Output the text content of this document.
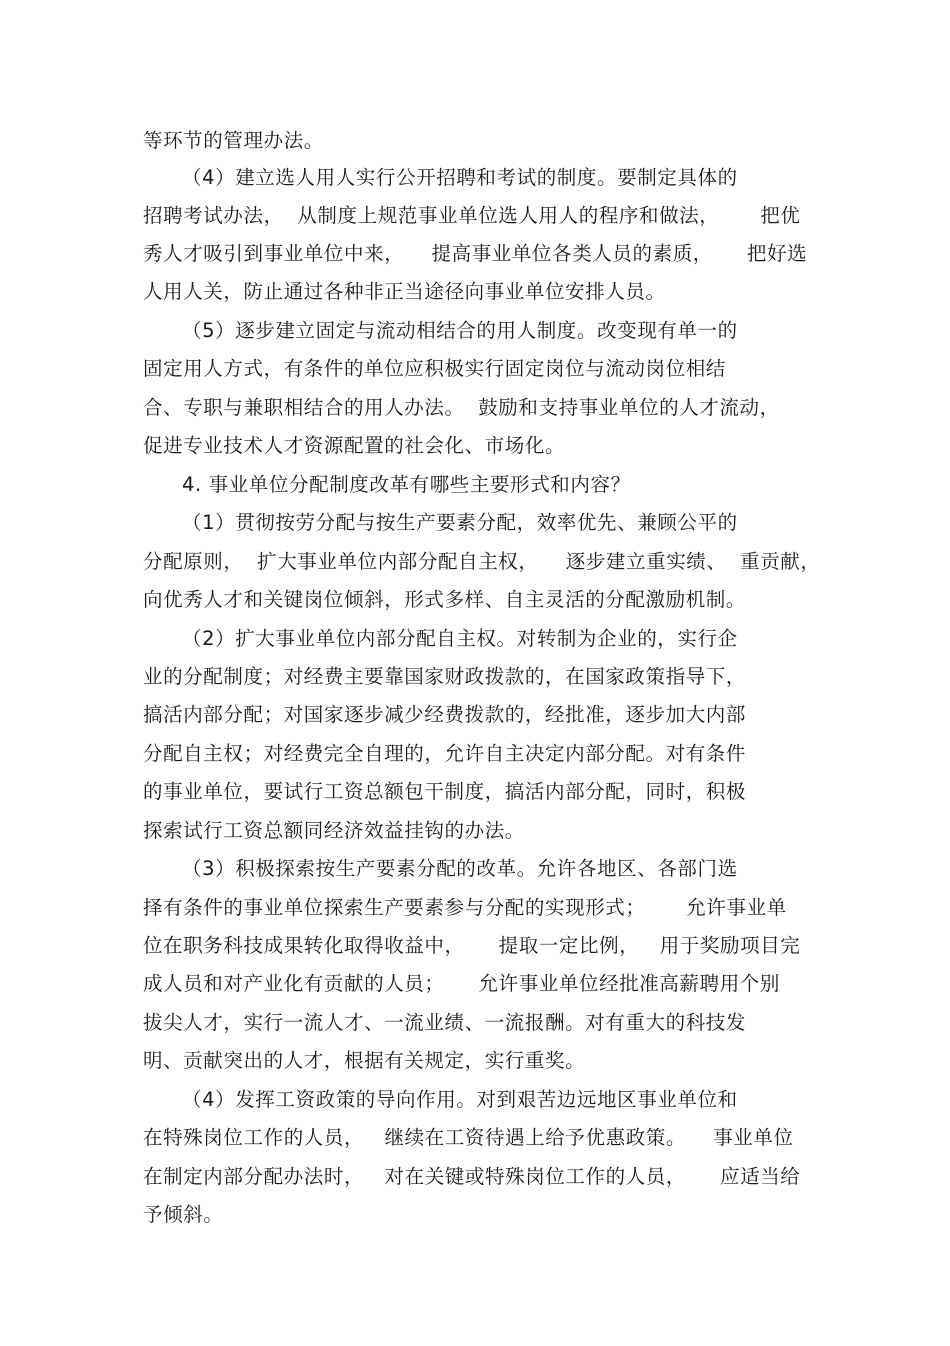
等环节的管理办法。
（4）建立选人用人实行公开招聘和考试的制度。要制定具体的
招聘考试办法，  从制度上规范事业单位选人用人的程序和做法，      把优
秀人才吸引到事业单位中来，    提高事业单位各类人员的素质，     把好选
人用人关，防止通过各种非正当途径向事业单位安排人员。
（5）逐步建立固定与流动相结合的用人制度。改变现有单一的
固定用人方式，有条件的单位应积极实行固定岗位与流动岗位相结
合、专职与兼职相结合的用人办法。  鼓励和支持事业单位的人才流动，
促进专业技术人才资源配置的社会化、市场化。
4. 事业单位分配制度改革有哪些主要形式和内容？
（1）贯彻按劳分配与按生产要素分配，效率优先、兼顾公平的
分配原则，  扩大事业单位内部分配自主权，    逐步建立重实绩、  重贡献，
向优秀人才和关键岗位倾斜，形式多样、自主灵活的分配激励机制。
（2）扩大事业单位内部分配自主权。对转制为企业的，实行企
业的分配制度；对经费主要靠国家财政拨款的，在国家政策指导下，
搞活内部分配；对国家逐步减少经费拨款的，经批准，逐步加大内部
分配自主权；对经费完全自理的，允许自主决定内部分配。对有条件
的事业单位，要试行工资总额包干制度，搞活内部分配，同时，积极
探索试行工资总额同经济效益挂钩的办法。
（3）积极探索按生产要素分配的改革。允许各地区、各部门选
择有条件的事业单位探索生产要素参与分配的实现形式；      允许事业单
位在职务科技成果转化取得收益中，     提取一定比例，   用于奖励项目完
成人员和对产业化有贡献的人员；     允许事业单位经批准高薪聘用个别
拔尖人才，实行一流人才、一流业绩、一流报酬。对有重大的科技发
明、贡献突出的人才，根据有关规定，实行重奖。
（4）发挥工资政策的导向作用。对到艰苦边远地区事业单位和
在特殊岗位工作的人员，   继续在工资待遇上给予优惠政策。    事业单位
在制定内部分配办法时，   对在关键或特殊岗位工作的人员，     应适当给
予倾斜。
